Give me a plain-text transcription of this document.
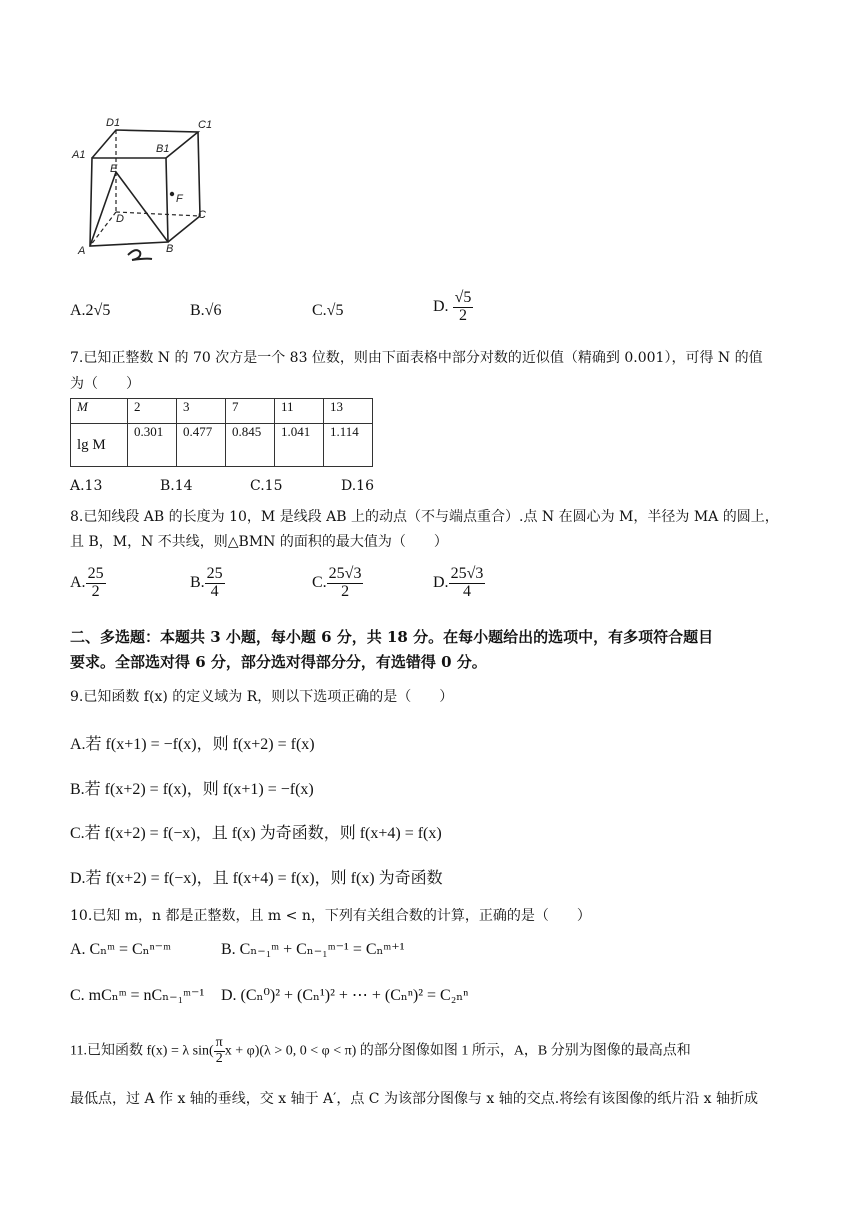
D1	C1
A1	B1
E
F
D	C
A	B
A.2√5	B.√6	C.√5	D. $\frac{√5}{2}$
7.已知正整数 N 的 70 次方是一个 83 位数，则由下面表格中部分对数的近似值（精确到 0.001），可得 N 的值
为（　　）
M	2	3	7	11	13
lg M	0.301	0.477	0.845	1.041	1.114
A.13	B.14	C.15	D.16
8.已知线段 AB 的长度为 10，M 是线段 AB 上的动点（不与端点重合）.点 N 在圆心为 M，半径为 MA 的圆上，
且 B，M，N 不共线，则△BMN 的面积的最大值为（　　）
A. $\frac{25}{2}$	B. $\frac{25}{4}$	C. $\frac{25√3}{2}$	D. $\frac{25√3}{4}$
二、多选题：本题共 3 小题，每小题 6 分，共 18 分。在每小题给出的选项中，有多项符合题目
要求。全部选对得 6 分，部分选对得部分分，有选错得 0 分。
9.已知函数 f(x) 的定义域为 R，则以下选项正确的是（　　）
A.若 f(x+1) = −f(x)，则 f(x+2) = f(x)
B.若 f(x+2) = f(x)，则 f(x+1) = −f(x)
C.若 f(x+2) = f(−x)，且 f(x) 为奇函数，则 f(x+4) = f(x)
D.若 f(x+2) = f(−x)，且 f(x+4) = f(x)，则 f(x) 为奇函数
10.已知 m，n 都是正整数，且 m < n，下列有关组合数的计算，正确的是（　　）
A. Cₙᵐ = Cₙⁿ⁻ᵐ	B. Cₙ₋₁ᵐ + Cₙ₋₁ᵐ⁻¹ = Cₙᵐ⁺¹
C. mCₙᵐ = nCₙ₋₁ᵐ⁻¹ D. (Cₙ⁰)² + (Cₙ¹)² + ⋯ + (Cₙⁿ)² = C₂ₙⁿ
11.已知函数 f(x) = λ $\sin( \frac{\pi}{2}$ x + φ)(λ > 0, 0 < φ < π) 的部分图像如图 1 所示，A，B 分别为图像的最高点和
最低点，过 A 作 x 轴的垂线，交 x 轴于 A′，点 C 为该部分图像与 x 轴的交点.将绘有该图像的纸片沿 x 轴折成
